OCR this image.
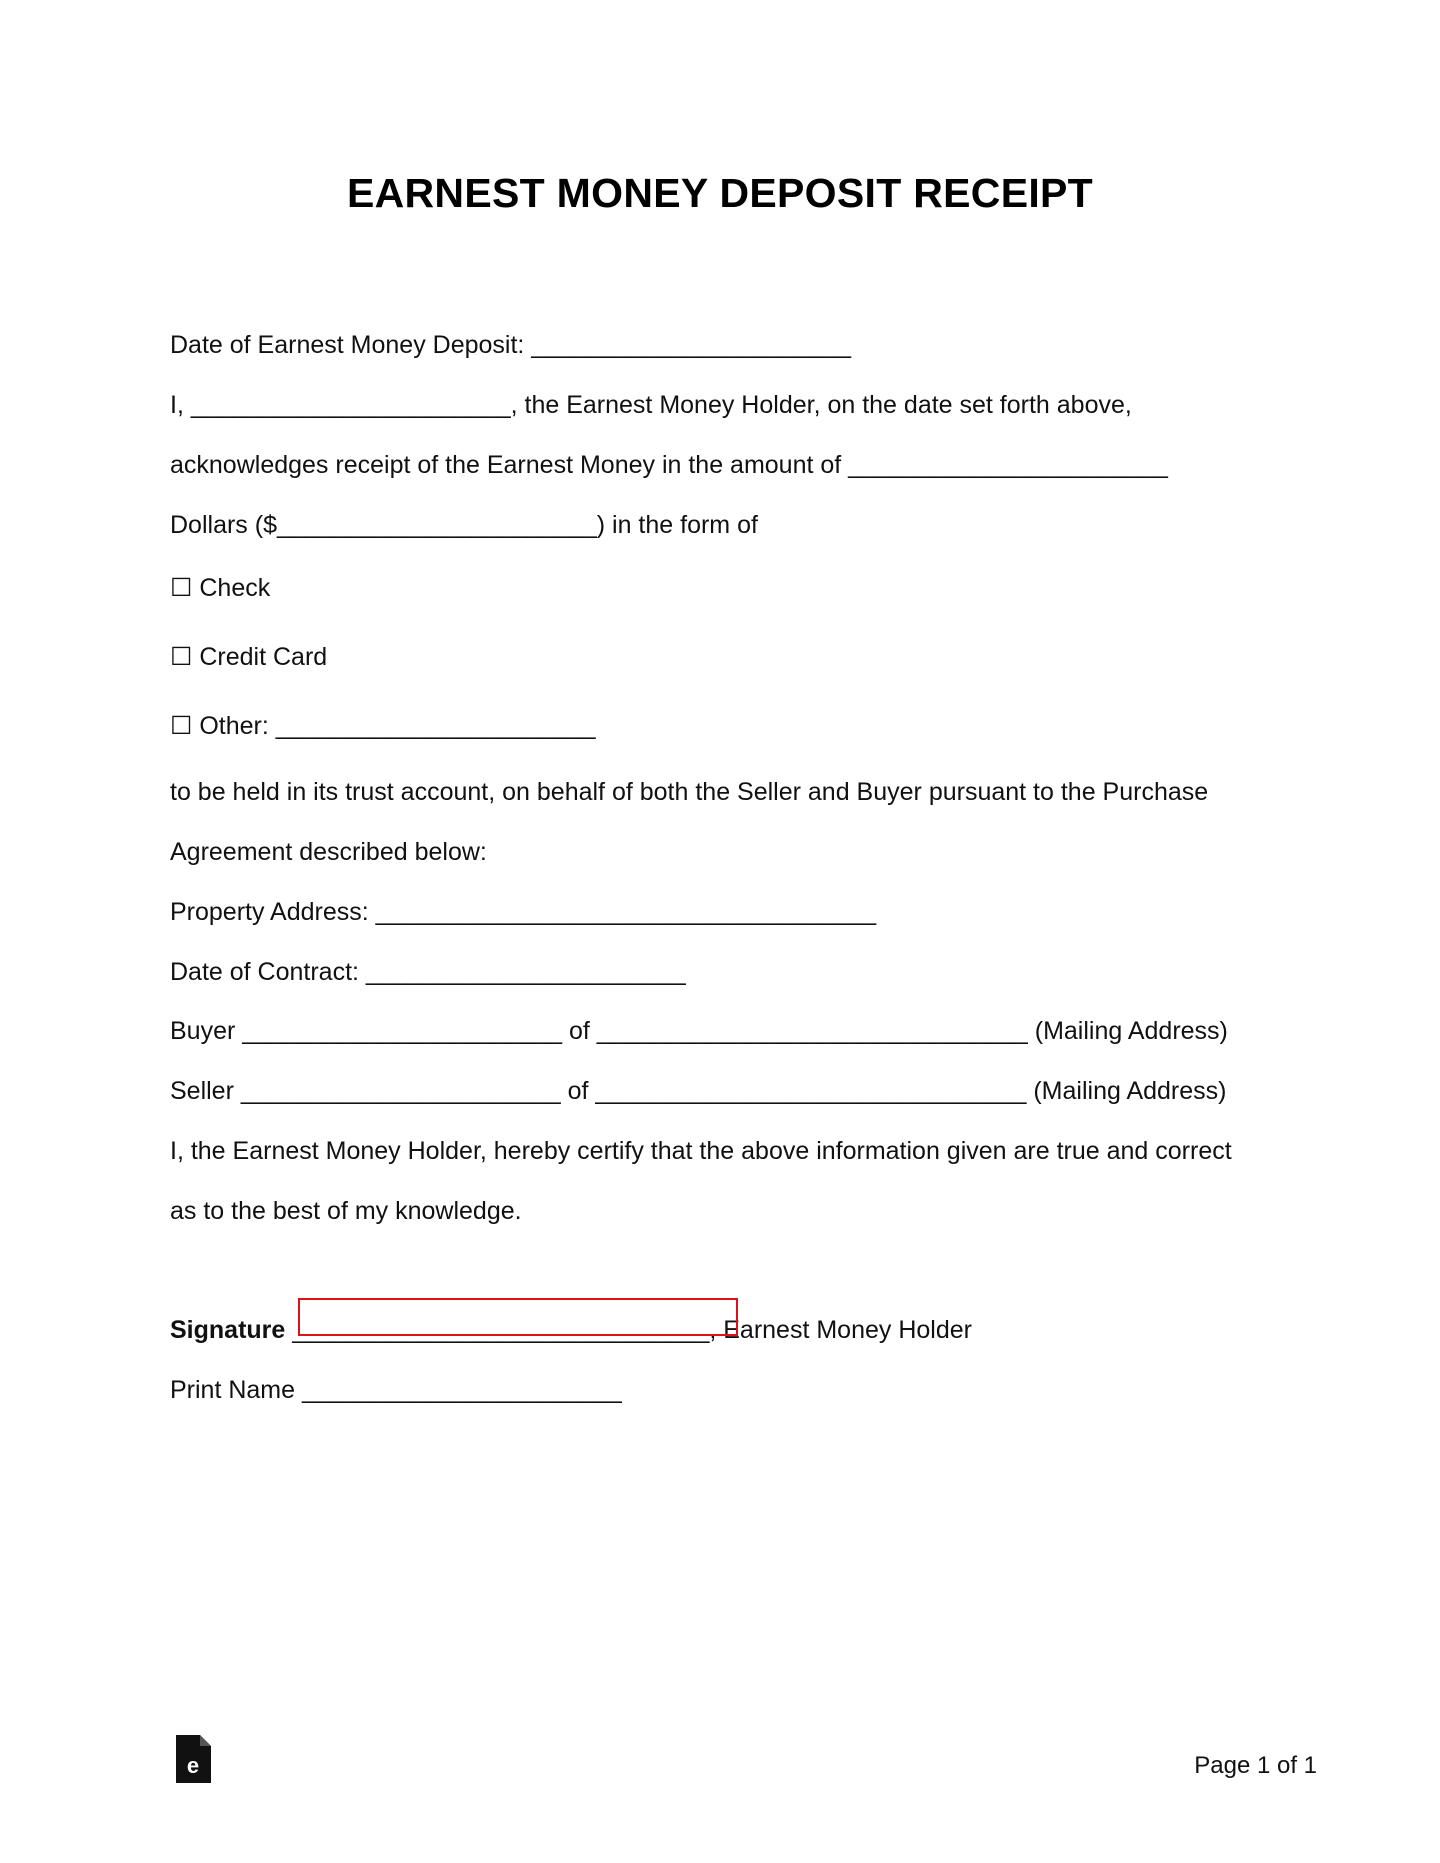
EARNEST MONEY DEPOSIT RECEIPT
Date of Earnest Money Deposit: _______________________
I, _______________________, the Earnest Money Holder, on the date set forth above,
acknowledges receipt of the Earnest Money in the amount of _______________________
Dollars ($_______________________) in the form of
☐ Check
☐ Credit Card
☐ Other: _______________________
to be held in its trust account, on behalf of both the Seller and Buyer pursuant to the Purchase
Agreement described below:
Property Address: ____________________________________
Date of Contract: _______________________
Buyer _______________________ of _______________________________ (Mailing Address)
Seller _______________________ of _______________________________ (Mailing Address)
I, the Earnest Money Holder, hereby certify that the above information given are true and correct
as to the best of my knowledge.
Signature ______________________________, Earnest Money Holder
Print Name _______________________
e	Page 1 of 1
